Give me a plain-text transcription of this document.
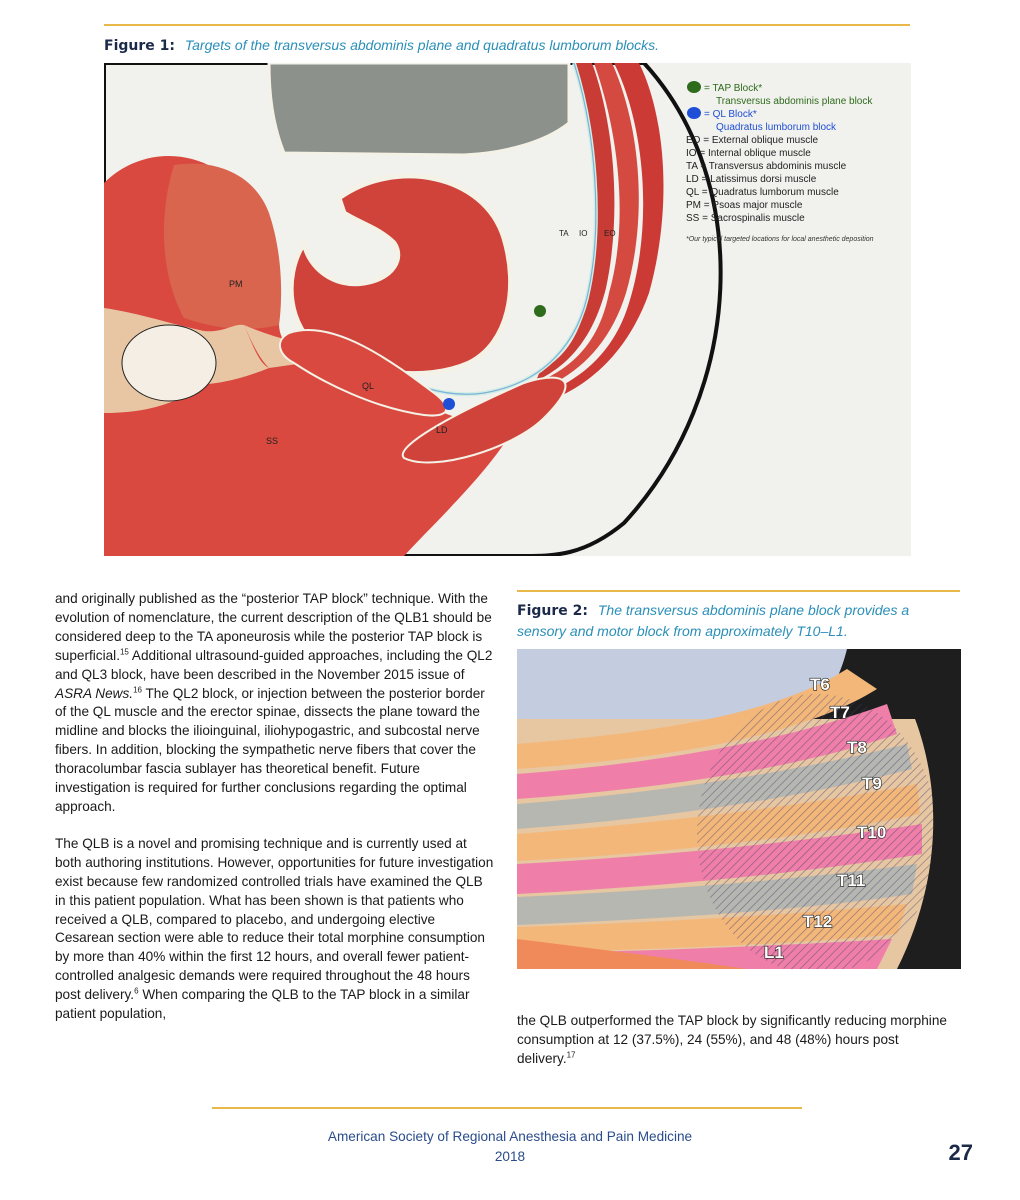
Figure 1: Targets of the transversus abdominis plane and quadratus lumborum blocks.
PM
SS
QL
LD
TA IO EO
= TAP Block*
Transversus abdominis plane block
= QL Block*
Quadratus lumborum block
EO = External oblique muscle
IO = Internal oblique muscle
TA = Transversus abdominis muscle
LD = Latissimus dorsi muscle
QL = Quadratus lumborum muscle
PM = Psoas major muscle
SS = Sacrospinalis muscle
*Our typical targeted locations for local anesthetic deposition

and originally published as the “posterior TAP block” technique. With the evolution of nomenclature, the current description of the QLB1 should be considered deep to the TA aponeurosis while the posterior TAP block is superficial.$^{15}$ Additional ultrasound-guided approaches, including the QL2 and QL3 block, have been described in the November 2015 issue of ASRA News.$^{16}$ The QL2 block, or injection between the posterior border of the QL muscle and the erector spinae, dissects the plane toward the midline and blocks the ilioinguinal, iliohypogastric, and subcostal nerve fibers. In addition, blocking the sympathetic nerve fibers that cover the thoracolumbar fascia sublayer has theoretical benefit. Future investigation is required for further conclusions regarding the optimal approach.

The QLB is a novel and promising technique and is currently used at both authoring institutions. However, opportunities for future investigation exist because few randomized controlled trials have examined the QLB in this patient population. What has been shown is that patients who received a QLB, compared to placebo, and undergoing elective Cesarean section were able to reduce their total morphine consumption by more than 40% within the first 12 hours, and overall fewer patient-controlled analgesic demands were required throughout the 48 hours post delivery.$^6$ When comparing the QLB to the TAP block in a similar patient population,

Figure 2: The transversus abdominis plane block provides a sensory and motor block from approximately T10–L1.
T6
T7
T8
T9
T10
T11
T12
L1

the QLB outperformed the TAP block by significantly reducing morphine consumption at 12 (37.5%), 24 (55%), and 48 (48%) hours post delivery.$^{17}$

American Society of Regional Anesthesia and Pain Medicine
2018	27
